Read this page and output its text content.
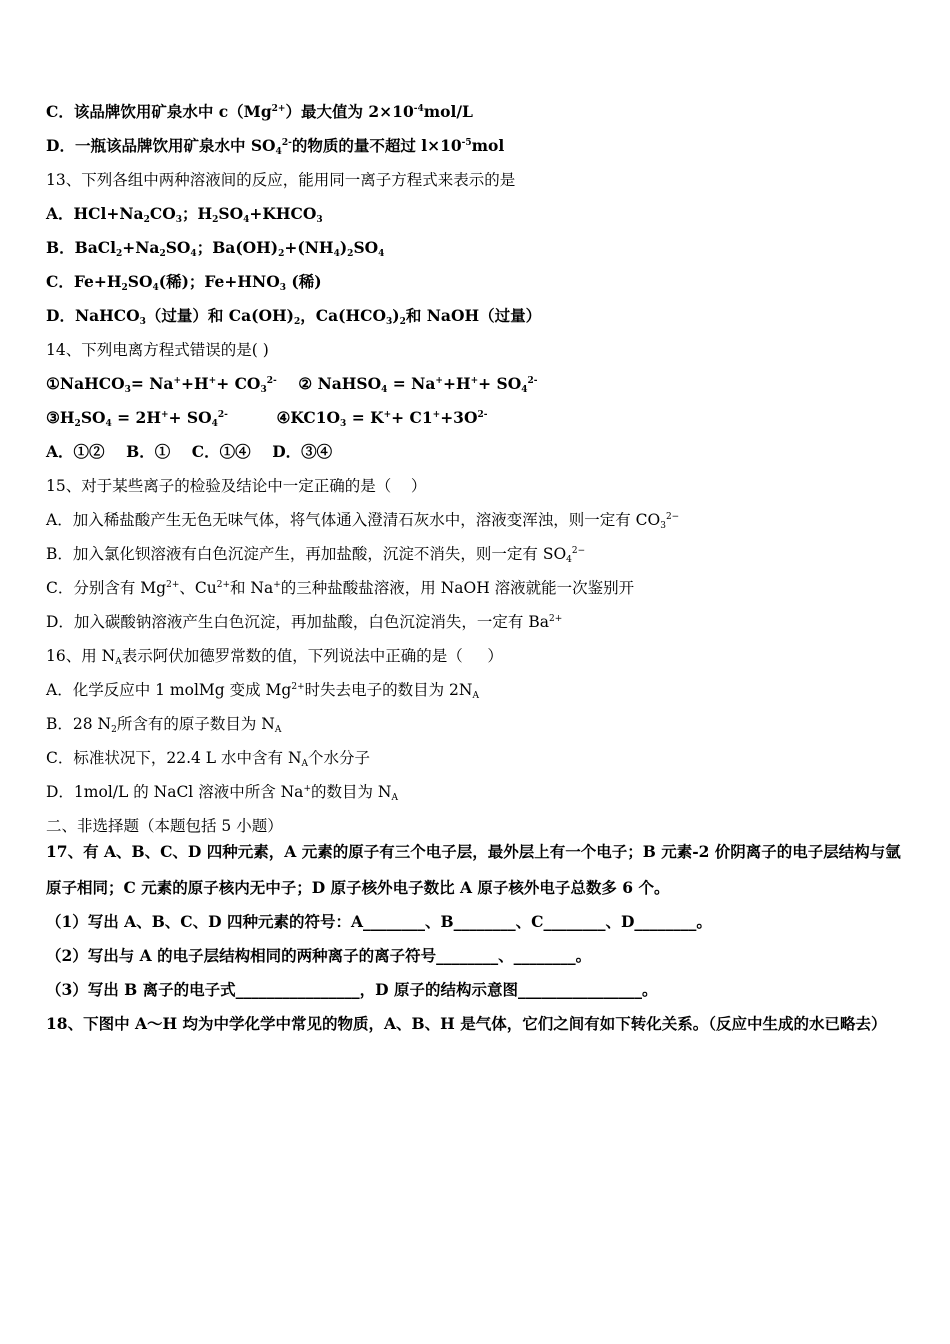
C．该品牌饮用矿泉水中 $c(Mg^{2+})$最大值为 $2\times 10^{-4}mol/L$
D．一瓶该品牌饮用矿泉水中 $SO_4^{2-}$的物质的量不超过 $l\times 10^{-5}mol$
13、下列各组中两种溶液间的反应，能用同一离子方程式来表示的是
A．$HCl+Na_2CO_3$；$H_2SO_4+KHCO_3$
B．$BaCl_2+Na_2SO_4$；$Ba(OH)_2+(NH_4)_2SO_4$
C．$Fe+H_2SO_4$(稀)；$Fe+HNO_3$ (稀)
D．NaHCO$_3$（过量）和 $Ca(OH)_2$，$Ca(HCO_3)_2$和 NaOH（过量）
14、下列电离方程式错误的是( )
①NaHCO$_3$= $Na^++H^++ CO_3^{2-}$    ② NaHSO$_4$ = $Na^++H^++ SO_4^{2-}$
$③H_2SO_4 = 2H^++ SO_4^{2-}$         $④KC1O_3 = K^++ C1^++3O^{2-}$
A．①②    B．①    C．①④    D．③④
15、对于某些离子的检验及结论中一定正确的是（    ）
A．加入稀盐酸产生无色无味气体，将气体通入澄清石灰水中，溶液变浑浊，则一定有 $CO_3^{2-}$
B．加入氯化钡溶液有白色沉淀产生，再加盐酸，沉淀不消失，则一定有 $SO_4^{2-}$
C．分别含有 $Mg^{2+}$、$Cu^{2+}$和 Na+的三种盐酸盐溶液，用 NaOH 溶液就能一次鉴别开
D．加入碳酸钠溶液产生白色沉淀，再加盐酸，白色沉淀消失，一定有 $Ba^{2+}$
16、用 $N_A$表示阿伏加德罗常数的值，下列说法中正确的是（     ）
A．化学反应中 1 molMg 变成 $Mg^{2+}$时失去电子的数目为 $2N_A$
B．28 $N_2$所含有的原子数目为 $N_A$
C．标准状况下，22.4 L 水中含有 $N_A$个水分子
D．1mol/L 的 NaCl 溶液中所含 Na+的数目为 $N_A$
二、非选择题（本题包括 5 小题）
17、有 A、B、C、D 四种元素，A 元素的原子有三个电子层，最外层上有一个电子；B 元素-2 价阴离子的电子层结构与氩原子相同；C 元素的原子核内无中子；D 原子核外电子数比 A 原子核外电子总数多 6 个。
（1）写出 A、B、C、D 四种元素的符号：A________、B________、C________、D________。
（2）写出与 A 的电子层结构相同的两种离子的离子符号________、________。
（3）写出 B 离子的电子式________________，D 原子的结构示意图________________。
18、下图中 A～H 均为中学化学中常见的物质，A、B、H 是气体，它们之间有如下转化关系。（反应中生成的水已略去）
